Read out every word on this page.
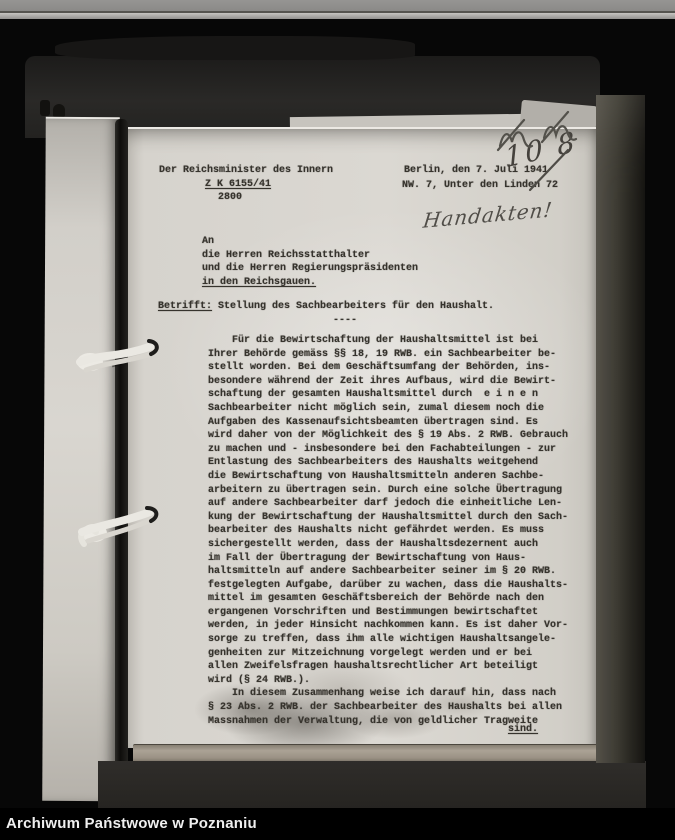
Der Reichsminister des Innern
Z K 6155/41
2800
Berlin, den 7. Juli 1941
NW. 7, Unter den Linden 72
10 8
Handakten!
An
die Herren Reichsstatthalter
und die Herren Regierungspräsidenten
in den Reichsgauen.
Betrifft: Stellung des Sachbearbeiters für den Haushalt.
----
Für die Bewirtschaftung der Haushaltsmittel ist bei
Ihrer Behörde gemäss §§ 18, 19 RWB. ein Sachbearbeiter be-
stellt worden. Bei dem Geschäftsumfang der Behörden, ins-
besondere während der Zeit ihres Aufbaus, wird die Bewirt-
schaftung der gesamten Haushaltsmittel durch  e i n e n
Sachbearbeiter nicht möglich sein, zumal diesem noch die
Aufgaben des Kassenaufsichtsbeamten übertragen sind. Es
wird daher von der Möglichkeit des § 19 Abs. 2 RWB. Gebrauch
zu machen und - insbesondere bei den Fachabteilungen - zur
Entlastung des Sachbearbeiters des Haushalts weitgehend
die Bewirtschaftung von Haushaltsmitteln anderen Sachbe-
arbeitern zu übertragen sein. Durch eine solche Übertragung
auf andere Sachbearbeiter darf jedoch die einheitliche Len-
kung der Bewirtschaftung der Haushaltsmittel durch den Sach-
bearbeiter des Haushalts nicht gefährdet werden. Es muss
sichergestellt werden, dass der Haushaltsdezernent auch
im Fall der Übertragung der Bewirtschaftung von Haus-
haltsmitteln auf andere Sachbearbeiter seiner im § 20 RWB.
festgelegten Aufgabe, darüber zu wachen, dass die Haushalts-
mittel im gesamten Geschäftsbereich der Behörde nach den
ergangenen Vorschriften und Bestimmungen bewirtschaftet
werden, in jeder Hinsicht nachkommen kann. Es ist daher Vor-
sorge zu treffen, dass ihm alle wichtigen Haushaltsangele-
genheiten zur Mitzeichnung vorgelegt werden und er bei
allen Zweifelsfragen haushaltsrechtlicher Art beteiligt
wird (§ 24 RWB.).
In diesem Zusammenhang weise ich darauf hin, dass nach
§ 23 Abs. 2 RWB. der Sachbearbeiter des Haushalts bei allen
Massnahmen der Verwaltung, die von geldlicher Tragweite
sind.
Archiwum Państwowe w Poznaniu
